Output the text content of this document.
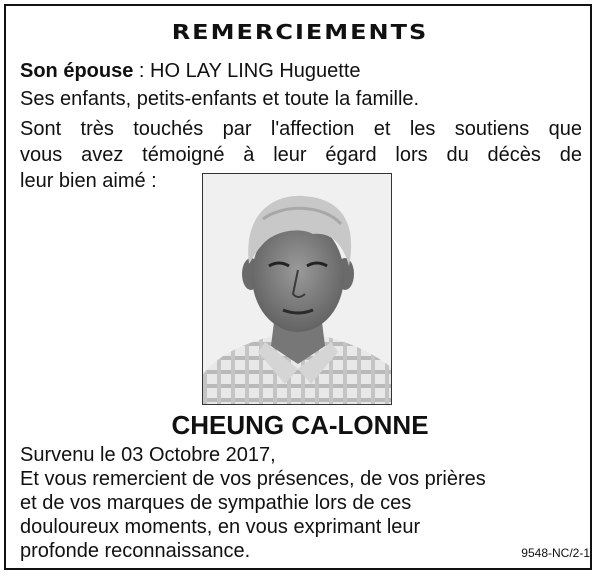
REMERCIEMENTS
Son épouse : HO LAY LING Huguette
Ses enfants, petits-enfants et toute la famille.
Sont très touchés par l'affection et les soutiens que
vous avez témoigné à leur égard lors du décès de
leur bien aimé :
CHEUNG CA-LONNE
Survenu le 03 Octobre 2017,
Et vous remercient de vos présences, de vos prières
et de vos marques de sympathie lors de ces
douloureux moments, en vous exprimant leur
profonde reconnaissance.	9548-NC/2-1
